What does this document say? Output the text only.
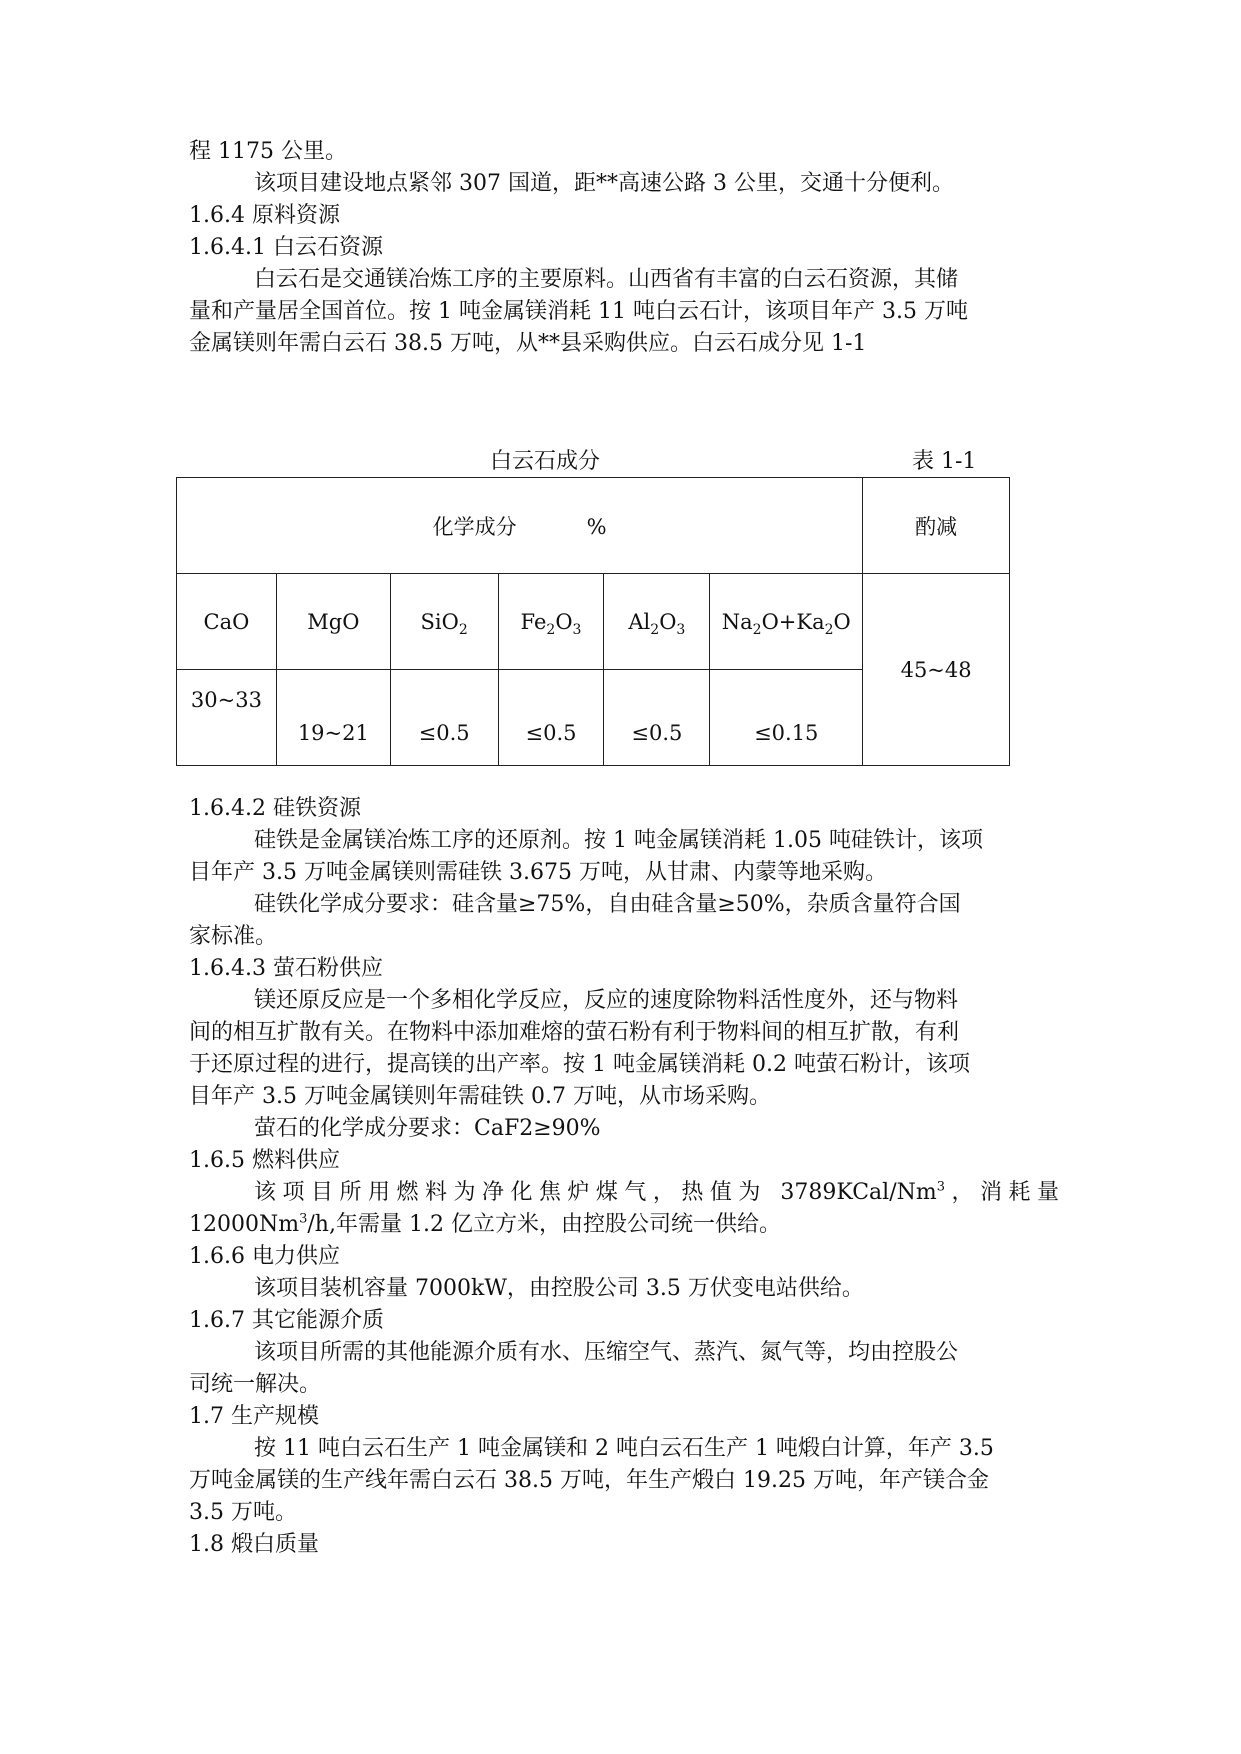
程 1175 公里。
该项目建设地点紧邻 307 国道，距**高速公路 3 公里，交通十分便利。
1.6.4 原料资源
1.6.4.1 白云石资源
白云石是交通镁冶炼工序的主要原料。山西省有丰富的白云石资源，其储
量和产量居全国首位。按 1 吨金属镁消耗 11 吨白云石计，该项目年产 3.5 万吨
金属镁则年需白云石 38.5 万吨，从**县采购供应。白云石成分见 1-1
白云石成分	表 1-1
化学成分 %						酌减
CaO	MgO	SiO$_2$	$Fe_2O_3$	$Al_2O_3$	$Na_2O+Ka_2O$	45~48
30~33	19~21	≤0.5	≤0.5	≤0.5	≤0.15	
1.6.4.2 硅铁资源
硅铁是金属镁冶炼工序的还原剂。按 1 吨金属镁消耗 1.05 吨硅铁计，该项
目年产 3.5 万吨金属镁则需硅铁 3.675 万吨，从甘肃、内蒙等地采购。
硅铁化学成分要求：硅含量≥75%，自由硅含量≥50%，杂质含量符合国
家标准。
1.6.4.3 萤石粉供应
镁还原反应是一个多相化学反应，反应的速度除物料活性度外，还与物料
间的相互扩散有关。在物料中添加难熔的萤石粉有利于物料间的相互扩散，有利
于还原过程的进行，提高镁的出产率。按 1 吨金属镁消耗 0.2 吨萤石粉计，该项
目年产 3.5 万吨金属镁则年需硅铁 0.7 万吨，从市场采购。
萤石的化学成分要求：CaF2≥90%
1.6.5 燃料供应
该项目所用燃料为净化焦炉煤气，热值为 3789KCal/Nm$^3$，消耗量
12000Nm$^3$/h,年需量 1.2 亿立方米，由控股公司统一供给。
1.6.6 电力供应
该项目装机容量 7000kW，由控股公司 3.5 万伏变电站供给。
1.6.7 其它能源介质
该项目所需的其他能源介质有水、压缩空气、蒸汽、氮气等，均由控股公
司统一解决。
1.7 生产规模
按 11 吨白云石生产 1 吨金属镁和 2 吨白云石生产 1 吨煅白计算，年产 3.5
万吨金属镁的生产线年需白云石 38.5 万吨，年生产煅白 19.25 万吨，年产镁合金
3.5 万吨。
1.8 煅白质量
